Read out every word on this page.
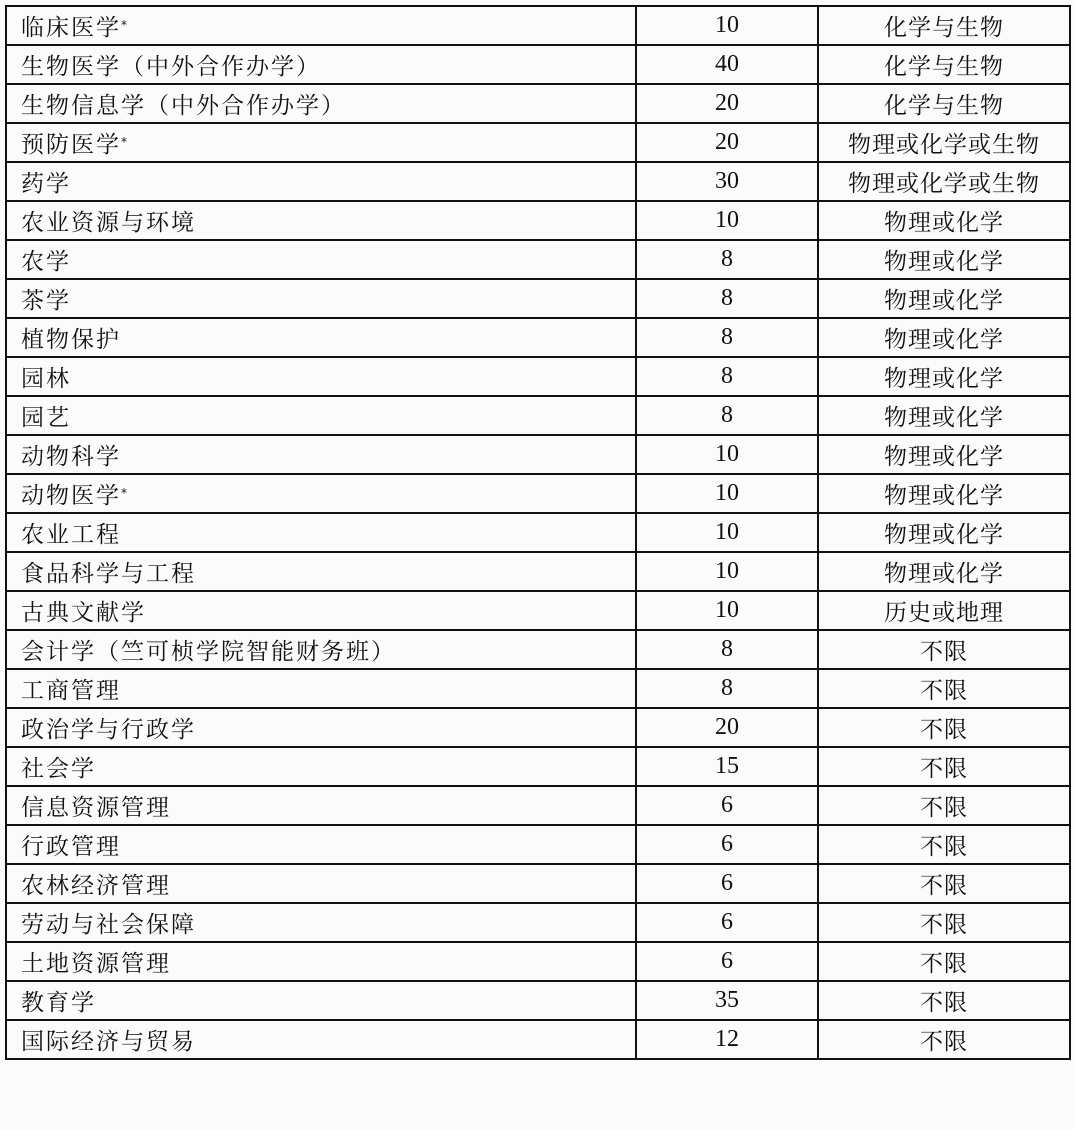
临床医学*	10	化学与生物
生物医学（中外合作办学）	40	化学与生物
生物信息学（中外合作办学）	20	化学与生物
预防医学*	20	物理或化学或生物
药学	30	物理或化学或生物
农业资源与环境	10	物理或化学
农学	8	物理或化学
茶学	8	物理或化学
植物保护	8	物理或化学
园林	8	物理或化学
园艺	8	物理或化学
动物科学	10	物理或化学
动物医学*	10	物理或化学
农业工程	10	物理或化学
食品科学与工程	10	物理或化学
古典文献学	10	历史或地理
会计学（竺可桢学院智能财务班）	8	不限
工商管理	8	不限
政治学与行政学	20	不限
社会学	15	不限
信息资源管理	6	不限
行政管理	6	不限
农林经济管理	6	不限
劳动与社会保障	6	不限
土地资源管理	6	不限
教育学	35	不限
国际经济与贸易	12	不限
